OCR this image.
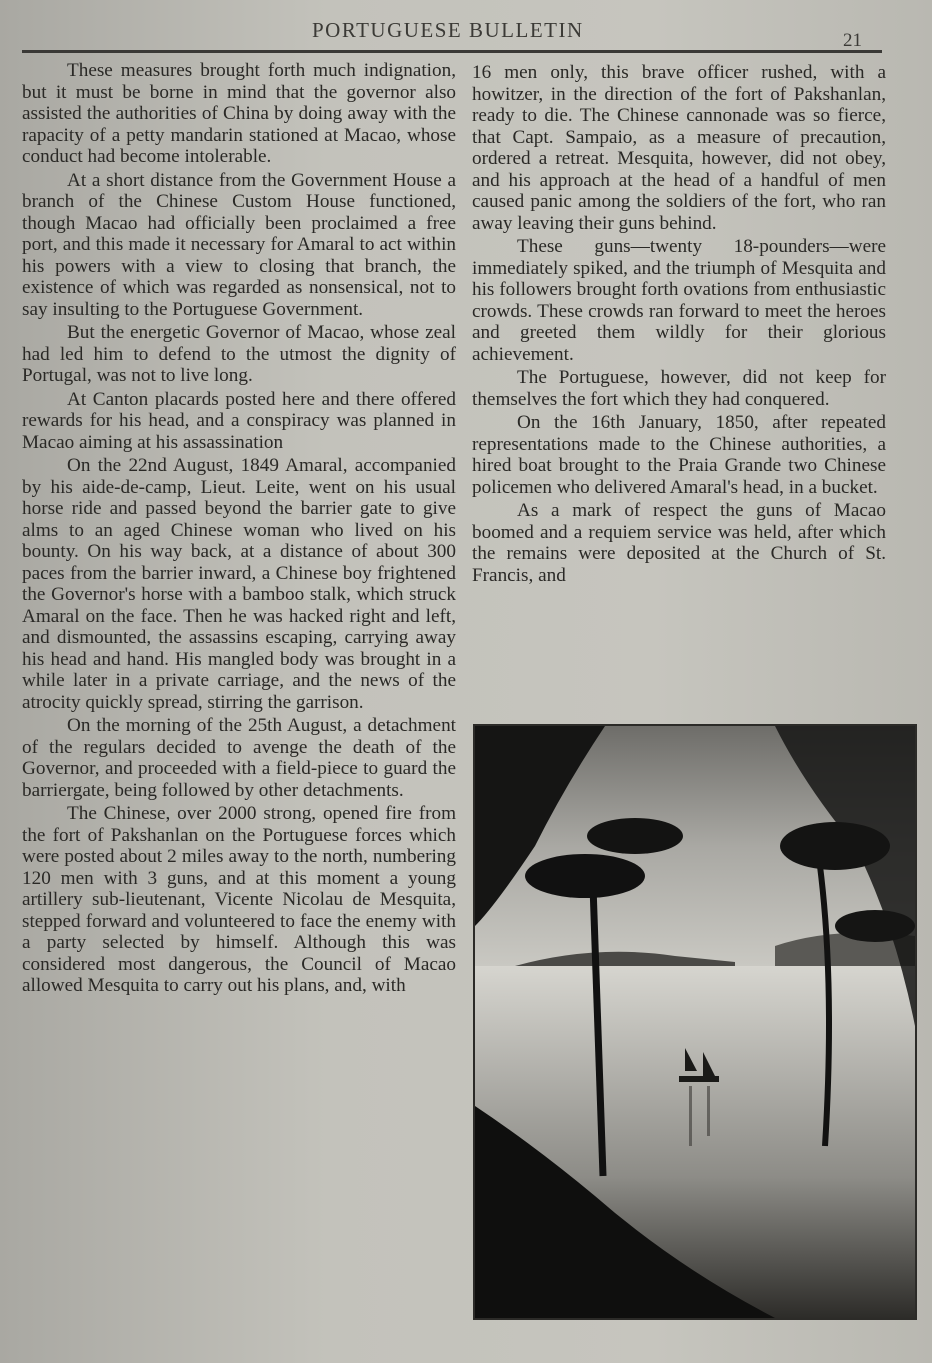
PORTUGUESE BULLETIN	21

These measures brought forth much indignation, but it must be borne in mind that the governor also assisted the authorities of China by doing away with the rapacity of a petty mandarin stationed at Macao, whose conduct had become intolerable.

At a short distance from the Government House a branch of the Chinese Custom House functioned, though Macao had officially been proclaimed a free port, and this made it necessary for Amaral to act within his powers with a view to closing that branch, the existence of which was regarded as nonsensical, not to say insulting to the Portuguese Government.

But the energetic Governor of Macao, whose zeal had led him to defend to the utmost the dignity of Portugal, was not to live long.

At Canton placards posted here and there offered rewards for his head, and a conspiracy was planned in Macao aiming at his assassination

On the 22nd August, 1849 Amaral, accompanied by his aide-de-camp, Lieut. Leite, went on his usual horse ride and passed beyond the barrier gate to give alms to an aged Chinese woman who lived on his bounty. On his way back, at a distance of about 300 paces from the barrier inward, a Chinese boy frightened the Governor's horse with a bamboo stalk, which struck Amaral on the face. Then he was hacked right and left, and dismounted, the assassins escaping, carrying away his head and hand. His mangled body was brought in a while later in a private carriage, and the news of the atrocity quickly spread, stirring the garrison.

On the morning of the 25th August, a detachment of the regulars decided to avenge the death of the Governor, and proceeded with a field-piece to guard the barriergate, being followed by other detachments.

The Chinese, over 2000 strong, opened fire from the fort of Pakshanlan on the Portuguese forces which were posted about 2 miles away to the north, numbering 120 men with 3 guns, and at this moment a young artillery sub-lieutenant, Vicente Nicolau de Mesquita, stepped forward and volunteered to face the enemy with a party selected by himself. Although this was considered most dangerous, the Council of Macao allowed Mesquita to carry out his plans, and, with

16 men only, this brave officer rushed, with a howitzer, in the direction of the fort of Pakshanlan, ready to die. The Chinese cannonade was so fierce, that Capt. Sampaio, as a measure of precaution, ordered a retreat. Mesquita, however, did not obey, and his approach at the head of a handful of men caused panic among the soldiers of the fort, who ran away leaving their guns behind.

These guns—twenty 18-pounders—were immediately spiked, and the triumph of Mesquita and his followers brought forth ovations from enthusiastic crowds. These crowds ran forward to meet the heroes and greeted them wildly for their glorious achievement.

The Portuguese, however, did not keep for themselves the fort which they had conquered.

On the 16th January, 1850, after repeated representations made to the Chinese authorities, a hired boat brought to the Praia Grande two Chinese policemen who delivered Amaral's head, in a bucket.

As a mark of respect the guns of Macao boomed and a requiem service was held, after which the remains were deposited at the Church of St. Francis, and
